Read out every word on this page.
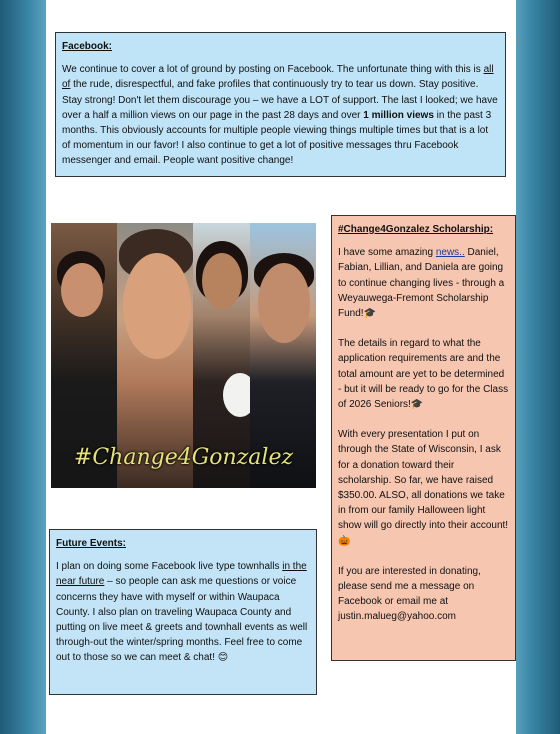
Facebook:

We continue to cover a lot of ground by posting on Facebook. The unfortunate thing with this is all of the rude, disrespectful, and fake profiles that continuously try to tear us down. Stay positive. Stay strong! Don't let them discourage you – we have a LOT of support. The last I looked; we have over a half a million views on our page in the past 28 days and over 1 million views in the past 3 months. This obviously accounts for multiple people viewing things multiple times but that is a lot of momentum in our favor! I also continue to get a lot of positive messages thru Facebook messenger and email. People want positive change!

⋮
#Change4Gonzalez
#Change4Gonzalez Scholarship:

I have some amazing news.. Daniel, Fabian, Lillian, and Daniela are going to continue changing lives - through a Weyauwega-Fremont Scholarship Fund!🎓

The details in regard to what the application requirements are and the total amount are yet to be determined - but it will be ready to go for the Class of 2026 Seniors!🎓

With every presentation I put on through the State of Wisconsin, I ask for a donation toward their scholarship. So far, we have raised $350.00. ALSO, all donations we take in from our family Halloween light show will go directly into their account!🎃

If you are interested in donating, please send me a message on Facebook or email me at justin.malueg@yahoo.com

Future Events:

I plan on doing some Facebook live type townhalls in the near future – so people can ask me questions or voice concerns they have with myself or within Waupaca County. I also plan on traveling Waupaca County and putting on live meet & greets and townhall events as well through-out the winter/spring months. Feel free to come out to those so we can meet & chat! 😊
